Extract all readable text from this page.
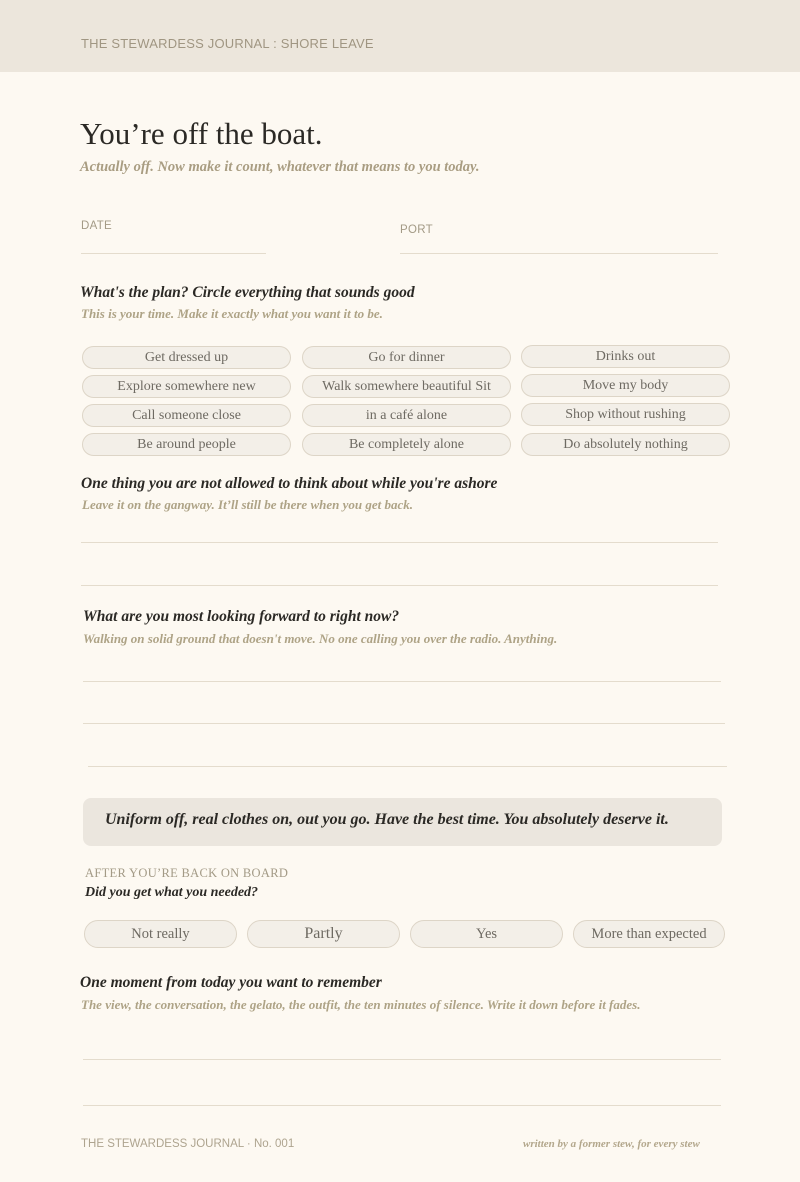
THE STEWARDESS JOURNAL : SHORE LEAVE
You’re off the boat.
Actually off. Now make it count, whatever that means to you today.
DATE	PORT
What's the plan? Circle everything that sounds good
This is your time. Make it exactly what you want it to be.
Get dressed up	Go for dinner	Drinks out
Explore somewhere new	Walk somewhere beautiful Sit	Move my body
Call someone close	in a café alone	Shop without rushing
Be around people	Be completely alone	Do absolutely nothing
One thing you are not allowed to think about while you're ashore
Leave it on the gangway. It’ll still be there when you get back.
What are you most looking forward to right now?
Walking on solid ground that doesn't move. No one calling you over the radio. Anything.
Uniform off, real clothes on, out you go. Have the best time. You absolutely deserve it.
AFTER YOU’RE BACK ON BOARD
Did you get what you needed?
Not really	Partly	Yes	More than expected
One moment from today you want to remember
The view, the conversation, the gelato, the outfit, the ten minutes of silence. Write it down before it fades.
THE STEWARDESS JOURNAL · No. 001	written by a former stew, for every stew
